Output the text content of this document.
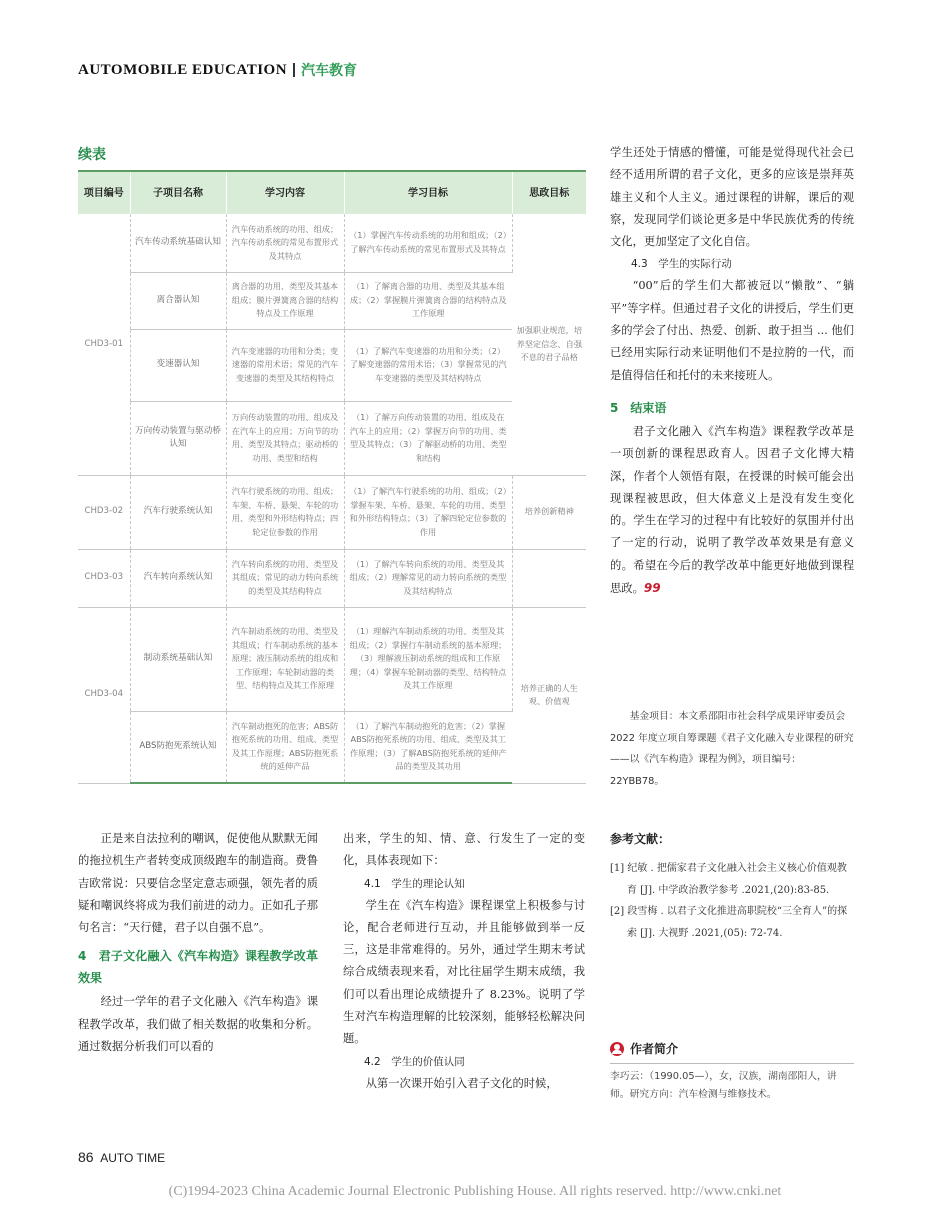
AUTOMOBILE EDUCATION 汽车教育
续表
项目编号	子项目名称	学习内容	学习目标	思政目标
CHD3-01	汽车传动系统基础认知	汽车传动系统的功用、组成；汽车传动系统的常见布置形式及其特点	（1）掌握汽车传动系统的功用和组成；（2）了解汽车传动系统的常见布置形式及其特点	加强职业规范，培养坚定信念、自强不息的君子品格
	离合器认知	离合器的功用、类型及其基本组成；膜片弹簧离合器的结构特点及工作原理	（1）了解离合器的功用、类型及其基本组成；（2）掌握膜片弹簧离合器的结构特点及工作原理	
	变速器认知	汽车变速器的功用和分类；变速器的常用术语；常见的汽车变速器的类型及其结构特点	（1）了解汽车变速器的功用和分类；（2）了解变速器的常用术语；（3）掌握常见的汽车变速器的类型及其结构特点	
	万向传动装置与驱动桥认知	万向传动装置的功用、组成及在汽车上的应用；万向节的功用、类型及其特点；驱动桥的功用、类型和结构	（1）了解万向传动装置的功用、组成及在汽车上的应用；（2）掌握万向节的功用、类型及其特点；（3）了解驱动桥的功用、类型和结构	
CHD3-02	汽车行驶系统认知	汽车行驶系统的功用、组成；车架、车桥、悬架、车轮的功用、类型和外形结构特点；四轮定位参数的作用	（1）了解汽车行驶系统的功用、组成；（2）掌握车架、车桥、悬架、车轮的功用、类型和外形结构特点；（3）了解四轮定位参数的作用	培养创新精神
CHD3-03	汽车转向系统认知	汽车转向系统的功用、类型及其组成；常见的动力转向系统的类型及其结构特点	（1）了解汽车转向系统的功用、类型及其组成；（2）理解常见的动力转向系统的类型及其结构特点	
CHD3-04	制动系统基础认知	汽车制动系统的功用、类型及其组成；行车制动系统的基本原理；液压制动系统的组成和工作原理；车轮制动器的类型、结构特点及其工作原理	（1）理解汽车制动系统的功用、类型及其组成；（2）掌握行车制动系统的基本原理；（3）理解液压制动系统的组成和工作原理；（4）掌握车轮制动器的类型、结构特点及其工作原理	培养正确的人生观、价值观
	ABS防抱死系统认知	汽车制动抱死的危害；ABS防抱死系统的功用、组成、类型及其工作原理；ABS防抱死系统的延伸产品	（1）了解汽车制动抱死的危害；（2）掌握ABS防抱死系统的功用、组成、类型及其工作原理；（3）了解ABS防抱死系统的延伸产品的类型及其功用	

正是来自法拉利的嘲讽，促使他从默默无闻的拖拉机生产者转变成顶级跑车的制造商。费鲁吉欧常说：只要信念坚定意志顽强，领先者的质疑和嘲讽终将成为我们前进的动力。正如孔子那句名言：“天行健，君子以自强不息”。

4　君子文化融入《汽车构造》课程教学改革效果

经过一学年的君子文化融入《汽车构造》课程教学改革，我们做了相关数据的收集和分析。通过数据分析我们可以看的

出来，学生的知、情、意、行发生了一定的变化，具体表现如下：

4.1　学生的理论认知

学生在《汽车构造》课程课堂上积极参与讨论，配合老师进行互动，并且能够做到举一反三，这是非常难得的。另外，通过学生期末考试综合成绩表现来看，对比往届学生期末成绩，我们可以看出理论成绩提升了 8.23%。说明了学生对汽车构造理解的比较深刻，能够轻松解决问题。

4.2　学生的价值认同

从第一次课开始引入君子文化的时候，

学生还处于情感的懵懂，可能是觉得现代社会已经不适用所谓的君子文化，更多的应该是崇拜英雄主义和个人主义。通过课程的讲解，课后的观察，发现同学们谈论更多是中华民族优秀的传统文化，更加坚定了文化自信。

4.3　学生的实际行动

“00”后的学生们大都被冠以“懒散”、“躺平”等字样。但通过君子文化的讲授后，学生们更多的学会了付出、热爱、创新、敢于担当 ... 他们已经用实际行动来证明他们不是拉胯的一代，而是值得信任和托付的未来接班人。

5　结束语

君子文化融入《汽车构造》课程教学改革是一项创新的课程思政育人。因君子文化博大精深，作者个人领悟有限，在授课的时候可能会出现课程被思政，但大体意义上是没有发生变化的。学生在学习的过程中有比较好的氛围并付出了一定的行动，说明了教学改革效果是有意义的。希望在今后的教学改革中能更好地做到课程思政。99

基金项目：本文系邵阳市社会科学成果评审委员会 2022 年度立项自筹课题《君子文化融入专业课程的研究——以《汽车构造》课程为例》，项目编号：22YBB78。
参考文献：
[1] 纪敏 . 把儒家君子文化融入社会主义核心价值观教育 [J]. 中学政治教学参考 .2021,(20):83-85.
[2] 段雪梅 . 以君子文化推进高职院校“三全育人”的探索 [J]. 大视野 .2021,(05): 72-74.
作者简介
李巧云：（1990.05—），女，汉族，湖南邵阳人，讲师。研究方向：汽车检测与维修技术。
86 AUTO TIME
(C)1994-2023 China Academic Journal Electronic Publishing House. All rights reserved. http://www.cnki.net
